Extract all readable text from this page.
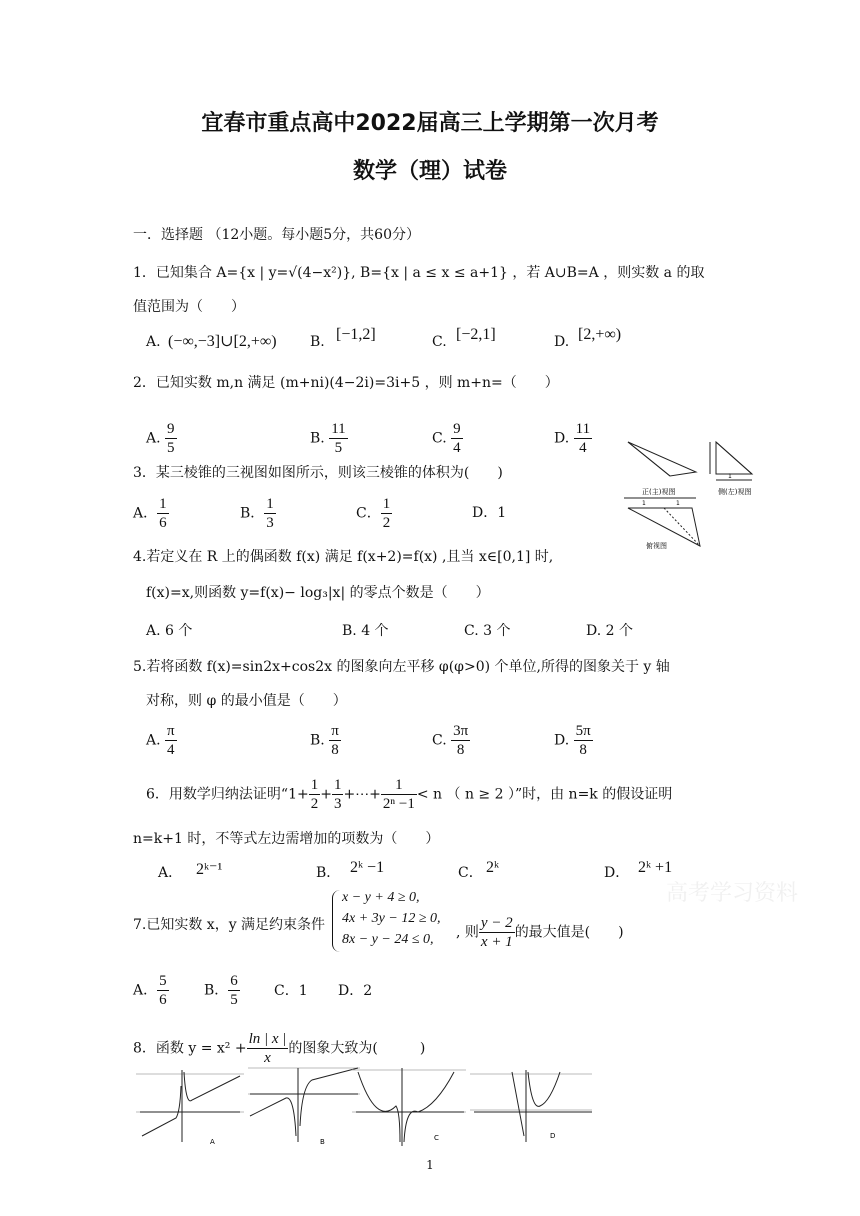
宜春市重点高中2022届高三上学期第一次月考
数学（理）试卷
一．选择题 （12小题。每小题5分，共60分）
1．已知集合 A={x | y=√(4−x²)}, B={x | a ≤ x ≤ a+1} ，若 A∪B=A ，则实数 a 的取
值范围为（　　）
A. (−∞,−3]∪[2,+∞) B. [−1,2]	C. [−2,1]	D. [2,+∞)
2．已知实数 m,n 满足 (m+ni)(4−2i)=3i+5 ，则 m+n=（　　）
A. $\frac{9}{5}$	B. $\frac{11}{5}$	C. $\frac{9}{4}$	D. $\frac{11}{4}$
3．某三棱锥的三视图如图所示，则该三棱锥的体积为(　　)
A． $\frac{1}{6}$	B． $\frac{1}{3}$	C． $\frac{1}{2}$	D．1
正(主)视图
1
侧(左)视图
1	1
俯视图
4.若定义在 R 上的偶函数 f(x) 满足 f(x+2)=f(x) ,且当 x∈[0,1] 时,
f(x)=x,则函数 y=f(x)− log₃|x| 的零点个数是（　　）
A. 6 个	B. 4 个	C. 3 个	D. 2 个
5.若将函数 f(x)=sin2x+cos2x 的图象向左平移 φ(φ>0) 个单位,所得的图象关于 y 轴
对称，则 φ 的最小值是（　　）
A. $\frac{\pi}{4}$	B. $\frac{\pi}{8}$	C. $\frac{3\pi}{8}$	D. $\frac{5\pi}{8}$
6．用数学归纳法证明“$1+ \frac{1}{2} + \frac{1}{3}$ +⋯+ $\frac{1}{\text{2ⁿ −1}} < n$ （ n ≥ 2 ）”时，由 n=k 的假设证明
n=k+1 时，不等式左边需增加的项数为（　　）
A． 2ᵏ⁻¹	B． 2ᵏ −1	C． 2ᵏ	D． 2ᵏ +1
高考学习资料
7.已知实数 x，y 满足约束条件
x − y + 4 ≥ 0,
4x + 3y − 12 ≥ 0,
8x − y − 24 ≤ 0, , 则 $\frac{y - 2}{x + 1}$ 的最大值是(　　)
A． $\frac{5}{6}$	B． $\frac{6}{5}$ C．1 D．2
8．函数 $y = x^2 + \frac{\ln | x |}{x}$ 的图象大致为(　　　)
A	B	C	D
1
